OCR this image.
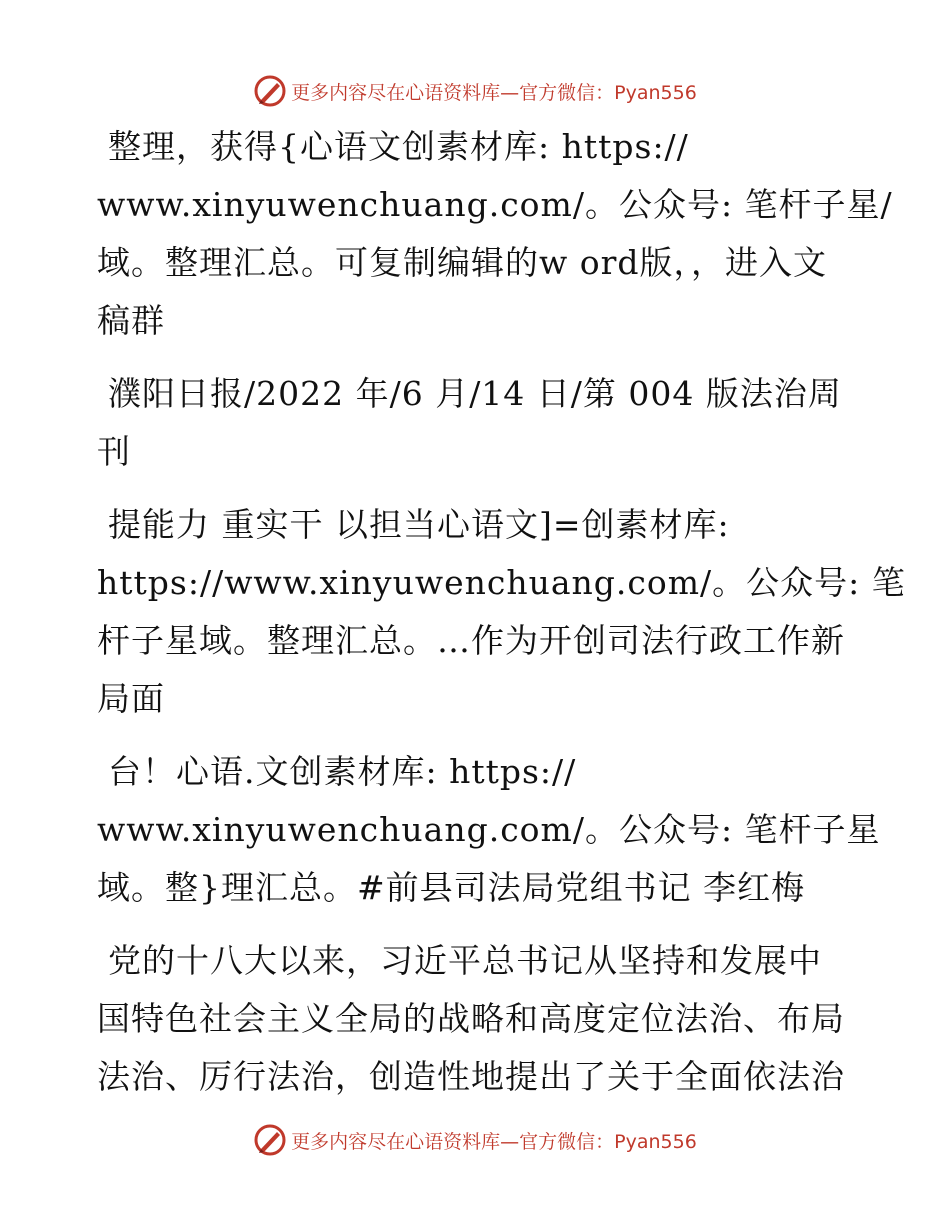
更多内容尽在心语资料库—官方微信：Pyan556

整理，获得{心语文创素材库: https://
www.xinyuwenchuang.com/。公众号: 笔杆子星/
域。整理汇总。可复制编辑的w ord版，，进入文
稿群

濮阳日报/2022 年/6 月/14 日/第 004 版法治周
刊

提能力 重实干 以担当心语文]=创素材库:
https://www.xinyuwenchuang.com/。公众号: 笔
杆子星域。整理汇总。…作为开创司法行政工作新
局面

台！心语.文创素材库: https://
www.xinyuwenchuang.com/。公众号: 笔杆子星
域。整}理汇总。#前县司法局党组书记 李红梅

党的十八大以来，习近平总书记从坚持和发展中
国特色社会主义全局的战略和高度定位法治、布局
法治、厉行法治，创造性地提出了关于全面依法治

更多内容尽在心语资料库—官方微信：Pyan556
